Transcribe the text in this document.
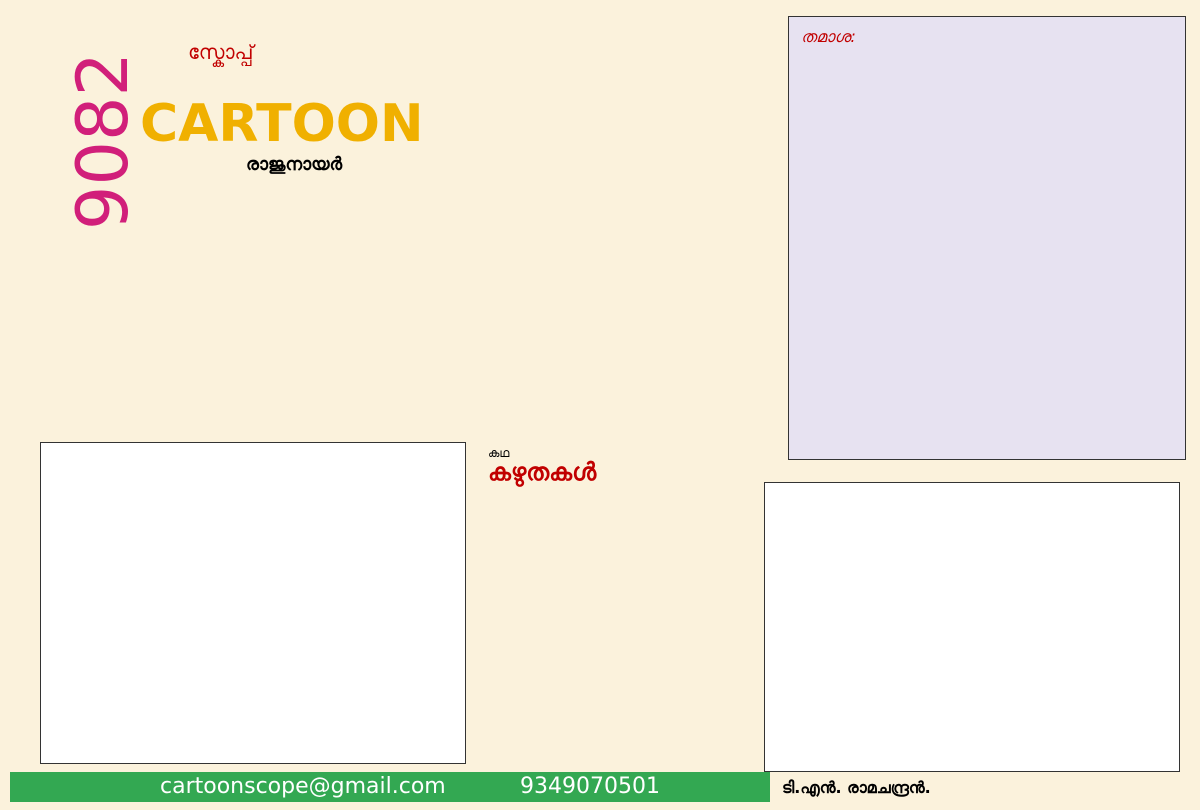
9082 സ്കോപ്പ്
CARTOON
രാജുനായർ
തമാശ:
കഥ
കഴുതകൾ
cartoonscope@gmail.com	9349070501	ടി.എൻ. രാമചന്ദ്രൻ.
